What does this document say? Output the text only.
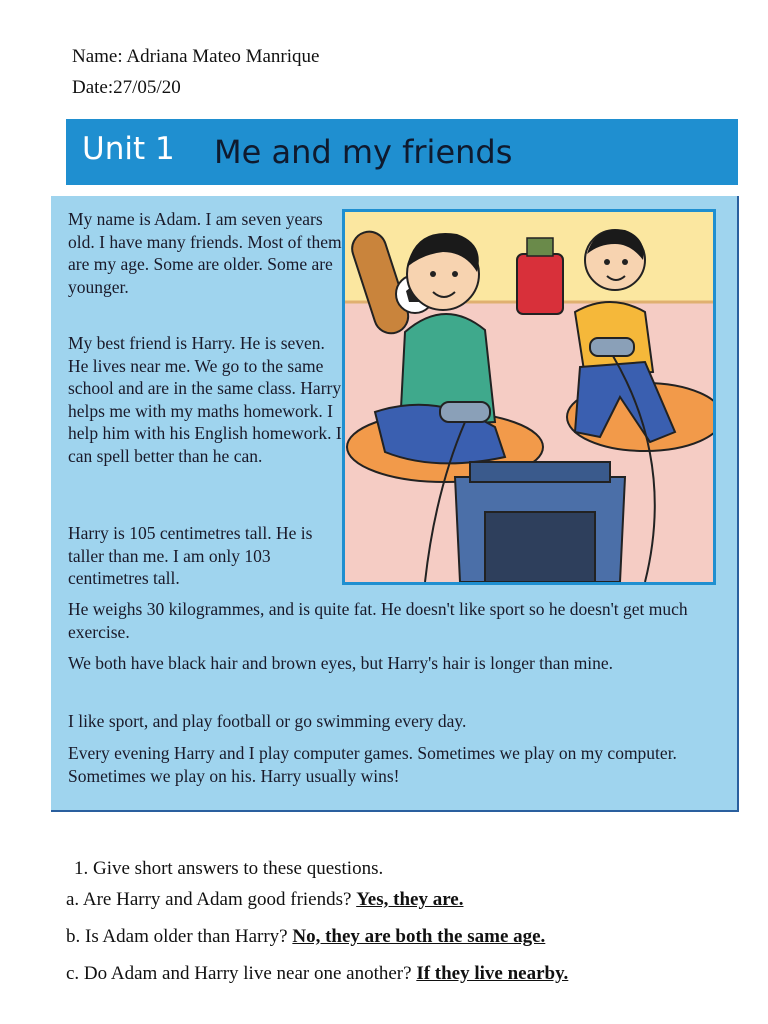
Name: Adriana Mateo Manrique
Date:27/05/20
Unit 1 Me and my friends

My name is Adam. I am seven years old. I have many friends. Most of them are my age. Some are older. Some are younger.

My best friend is Harry. He is seven. He lives near me. We go to the same school and are in the same class. Harry helps me with my maths homework. I help him with his English homework. I can spell better than he can.

Harry is 105 centimetres tall. He is taller than me. I am only 103 centimetres tall.

He weighs 30 kilogrammes, and is quite fat. He doesn't like sport so he doesn't get much exercise.

We both have black hair and brown eyes, but Harry's hair is longer than mine.

I like sport, and play football or go swimming every day.

Every evening Harry and I play computer games. Sometimes we play on my computer. Sometimes we play on his. Harry usually wins!

1. Give short answers to these questions.
a. Are Harry and Adam good friends? Yes, they are.
b. Is Adam older than Harry? No, they are both the same age.
c. Do Adam and Harry live near one another? If they live nearby.
